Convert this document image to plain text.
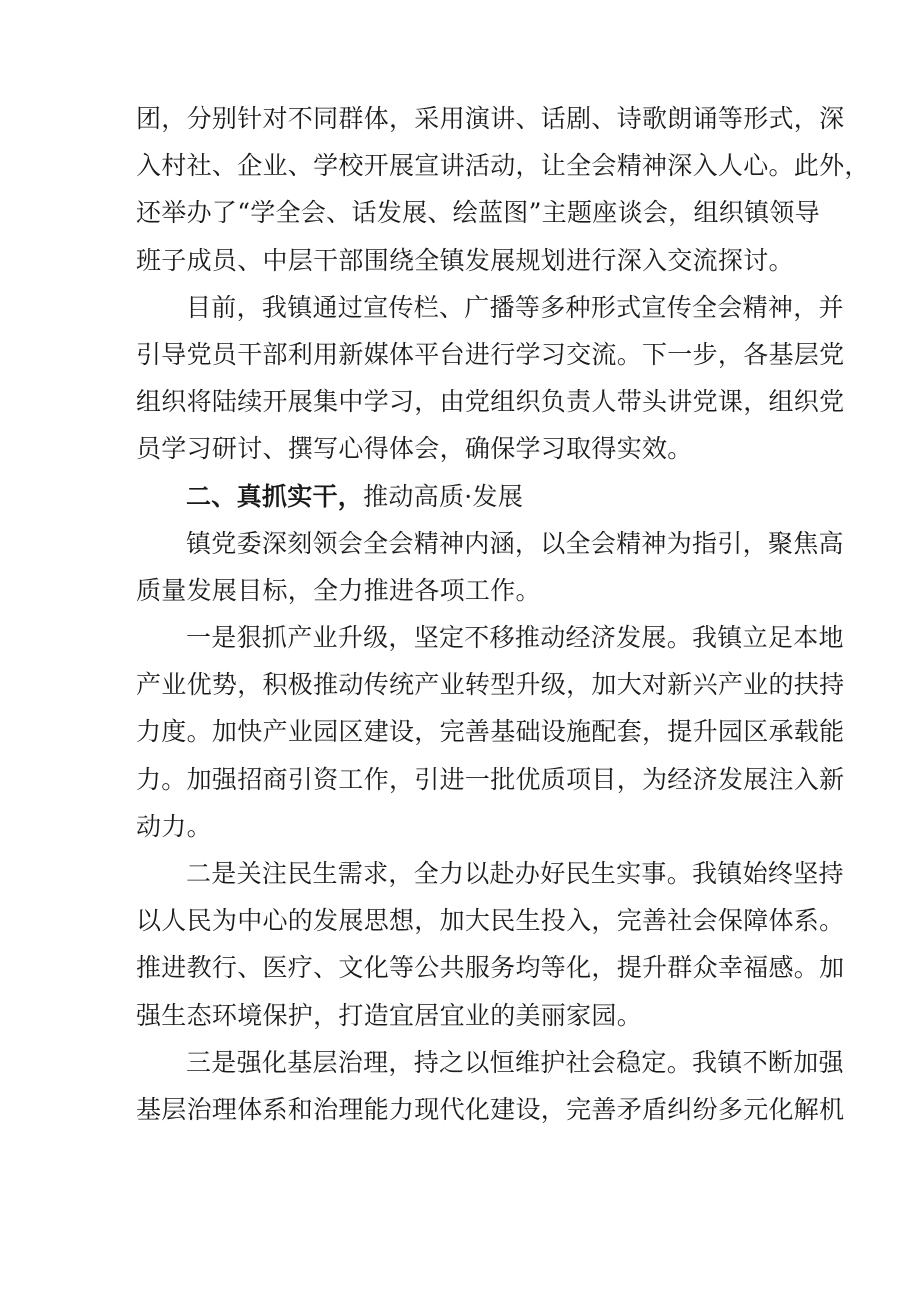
团，分别针对不同群体，采用演讲、话剧、诗歌朗诵等形式，深
入村社、企业、学校开展宣讲活动，让全会精神深入人心。此外，
还举办了“学全会、话发展、绘蓝图”主题座谈会，组织镇领导
班子成员、中层干部围绕全镇发展规划进行深入交流探讨。
目前，我镇通过宣传栏、广播等多种形式宣传全会精神，并
引导党员干部利用新媒体平台进行学习交流。下一步，各基层党
组织将陆续开展集中学习，由党组织负责人带头讲党课，组织党
员学习研讨、撰写心得体会，确保学习取得实效。
二、真抓实干，推动高质·发展
镇党委深刻领会全会精神内涵，以全会精神为指引，聚焦高
质量发展目标，全力推进各项工作。
一是狠抓产业升级，坚定不移推动经济发展。我镇立足本地
产业优势，积极推动传统产业转型升级，加大对新兴产业的扶持
力度。加快产业园区建设，完善基础设施配套，提升园区承载能
力。加强招商引资工作，引进一批优质项目，为经济发展注入新
动力。
二是关注民生需求，全力以赴办好民生实事。我镇始终坚持
以人民为中心的发展思想，加大民生投入，完善社会保障体系。
推进教行、医疗、文化等公共服务均等化，提升群众幸福感。加
强生态环境保护，打造宜居宜业的美丽家园。
三是强化基层治理，持之以恒维护社会稳定。我镇不断加强
基层治理体系和治理能力现代化建设，完善矛盾纠纷多元化解机
